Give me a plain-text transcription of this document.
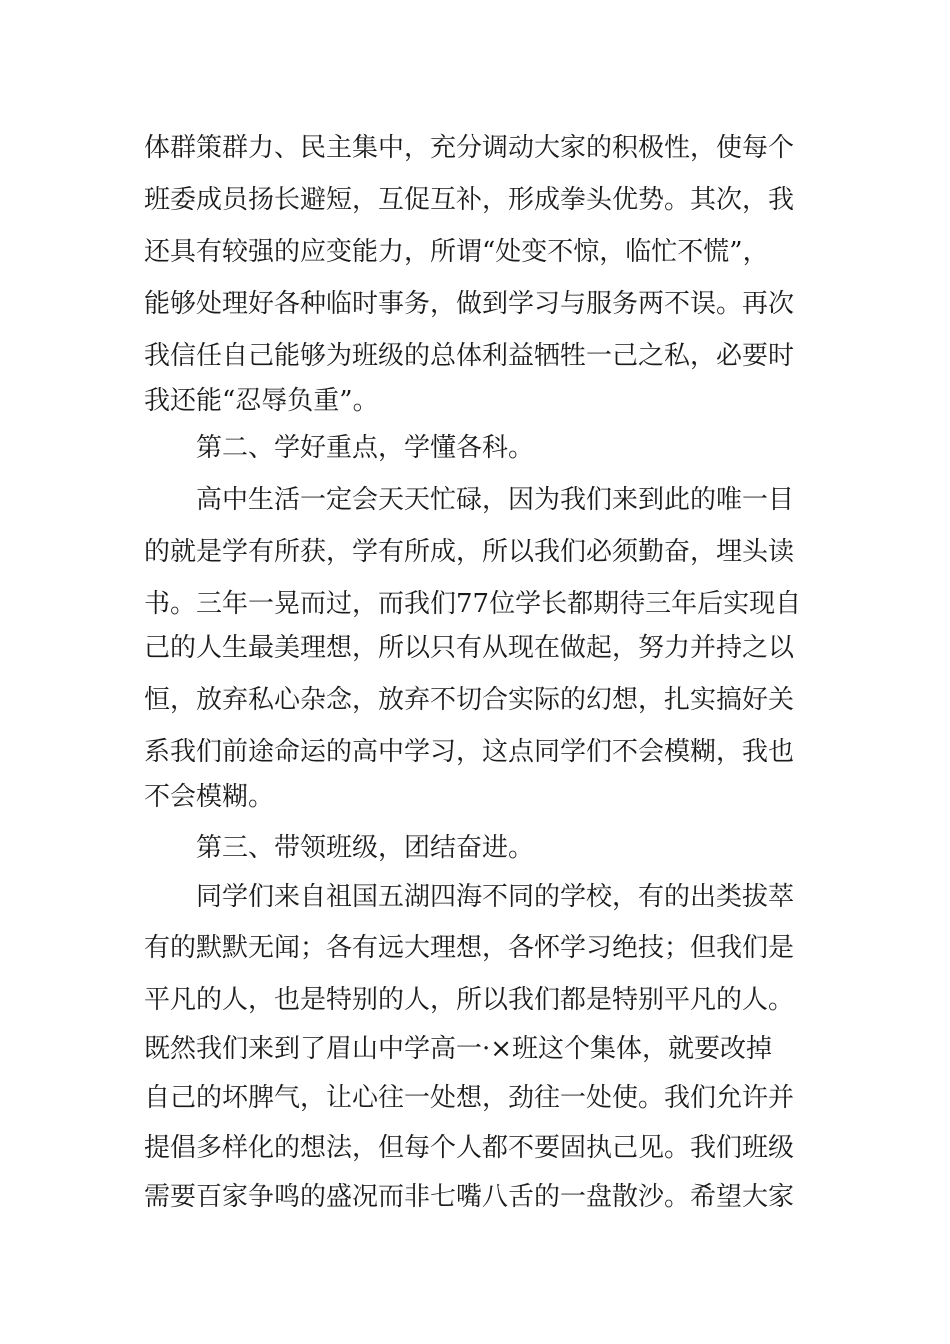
体群策群力、民主集中，充分调动大家的积极性，使每个
班委成员扬长避短，互促互补，形成拳头优势。其次，我
还具有较强的应变能力，所谓“处变不惊，临忙不慌”，
能够处理好各种临时事务，做到学习与服务两不误。再次
我信任自己能够为班级的总体利益牺牲一己之私，必要时
我还能“忍辱负重”。
第二、学好重点，学懂各科。
高中生活一定会天天忙碌，因为我们来到此的唯一目
的就是学有所获，学有所成，所以我们必须勤奋，埋头读
书。三年一晃而过，而我们77位学长都期待三年后实现自
己的人生最美理想，所以只有从现在做起，努力并持之以
恒，放弃私心杂念，放弃不切合实际的幻想，扎实搞好关
系我们前途命运的高中学习，这点同学们不会模糊，我也
不会模糊。
第三、带领班级，团结奋进。
同学们来自祖国五湖四海不同的学校，有的出类拔萃
有的默默无闻；各有远大理想，各怀学习绝技；但我们是
平凡的人，也是特别的人，所以我们都是特别平凡的人。
既然我们来到了眉山中学高一·×班这个集体，就要改掉
自己的坏脾气，让心往一处想，劲往一处使。我们允许并
提倡多样化的想法，但每个人都不要固执己见。我们班级
需要百家争鸣的盛况而非七嘴八舌的一盘散沙。希望大家
